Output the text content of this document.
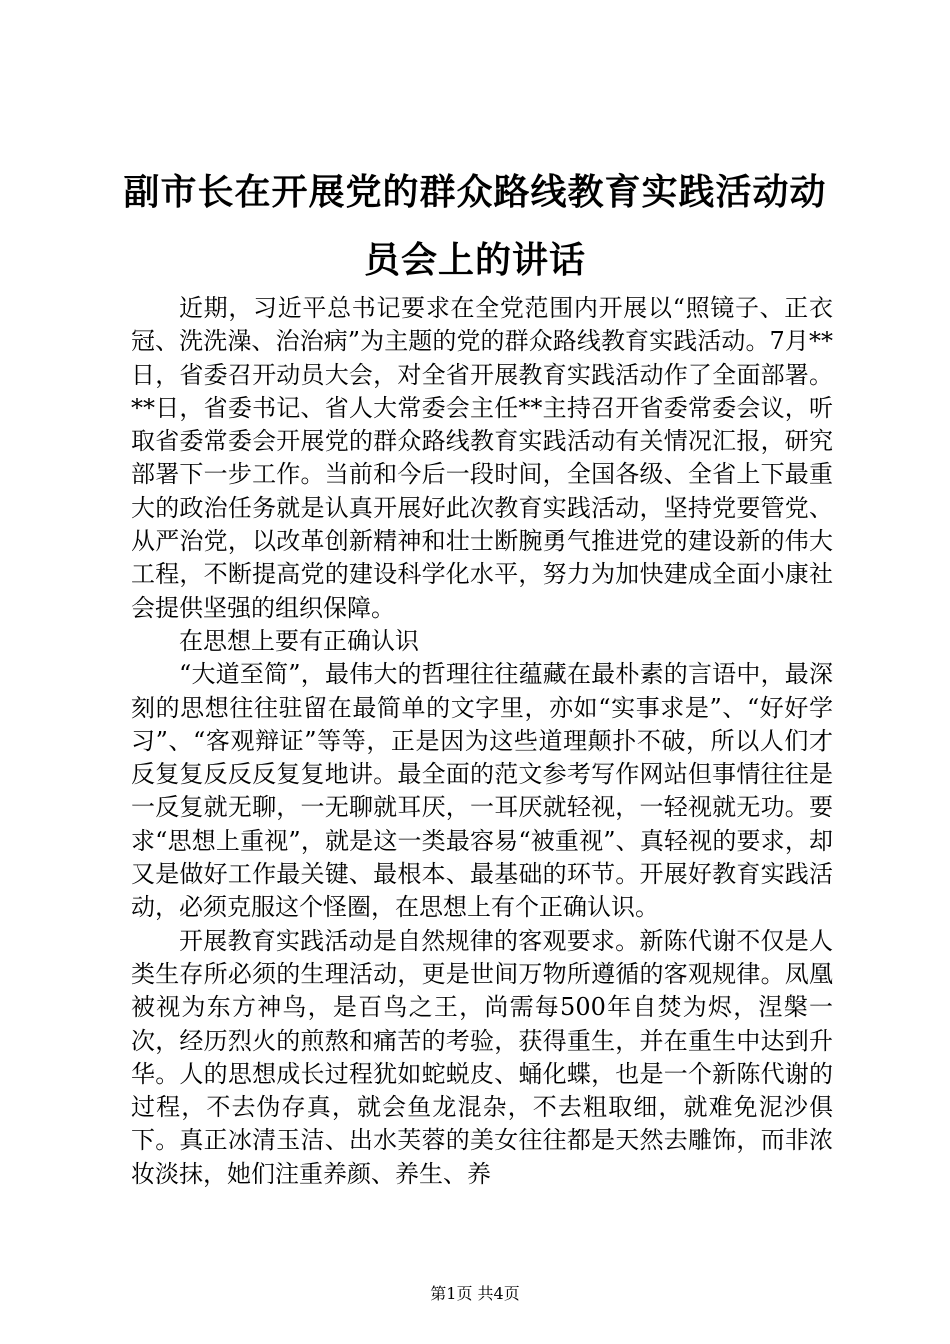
副市长在开展党的群众路线教育实践活动动员会上的讲话

近期，习近平总书记要求在全党范围内开展以“照镜子、正衣冠、洗洗澡、治治病”为主题的党的群众路线教育实践活动。7月**日，省委召开动员大会，对全省开展教育实践活动作了全面部署。**日，省委书记、省人大常委会主任**主持召开省委常委会议，听取省委常委会开展党的群众路线教育实践活动有关情况汇报，研究部署下一步工作。当前和今后一段时间，全国各级、全省上下最重大的政治任务就是认真开展好此次教育实践活动，坚持党要管党、从严治党，以改革创新精神和壮士断腕勇气推进党的建设新的伟大工程，不断提高党的建设科学化水平，努力为加快建成全面小康社会提供坚强的组织保障。

在思想上要有正确认识

“大道至简”，最伟大的哲理往往蕴藏在最朴素的言语中，最深刻的思想往往驻留在最简单的文字里，亦如“实事求是”、“好好学习”、“客观辩证”等等，正是因为这些道理颠扑不破，所以人们才反复复反反反复复地讲。最全面的范文参考写作网站但事情往往是一反复就无聊，一无聊就耳厌，一耳厌就轻视，一轻视就无功。要求“思想上重视”，就是这一类最容易“被重视”、真轻视的要求，却又是做好工作最关键、最根本、最基础的环节。开展好教育实践活动，必须克服这个怪圈，在思想上有个正确认识。

开展教育实践活动是自然规律的客观要求。新陈代谢不仅是人类生存所必须的生理活动，更是世间万物所遵循的客观规律。凤凰被视为东方神鸟，是百鸟之王，尚需每500年自焚为烬，涅槃一次，经历烈火的煎熬和痛苦的考验，获得重生，并在重生中达到升华。人的思想成长过程犹如蛇蜕皮、蛹化蝶，也是一个新陈代谢的过程，不去伪存真，就会鱼龙混杂，不去粗取细，就难免泥沙俱下。真正冰清玉洁、出水芙蓉的美女往往都是天然去雕饰，而非浓妆淡抹，她们注重养颜、养生、养

第1页 共4页
